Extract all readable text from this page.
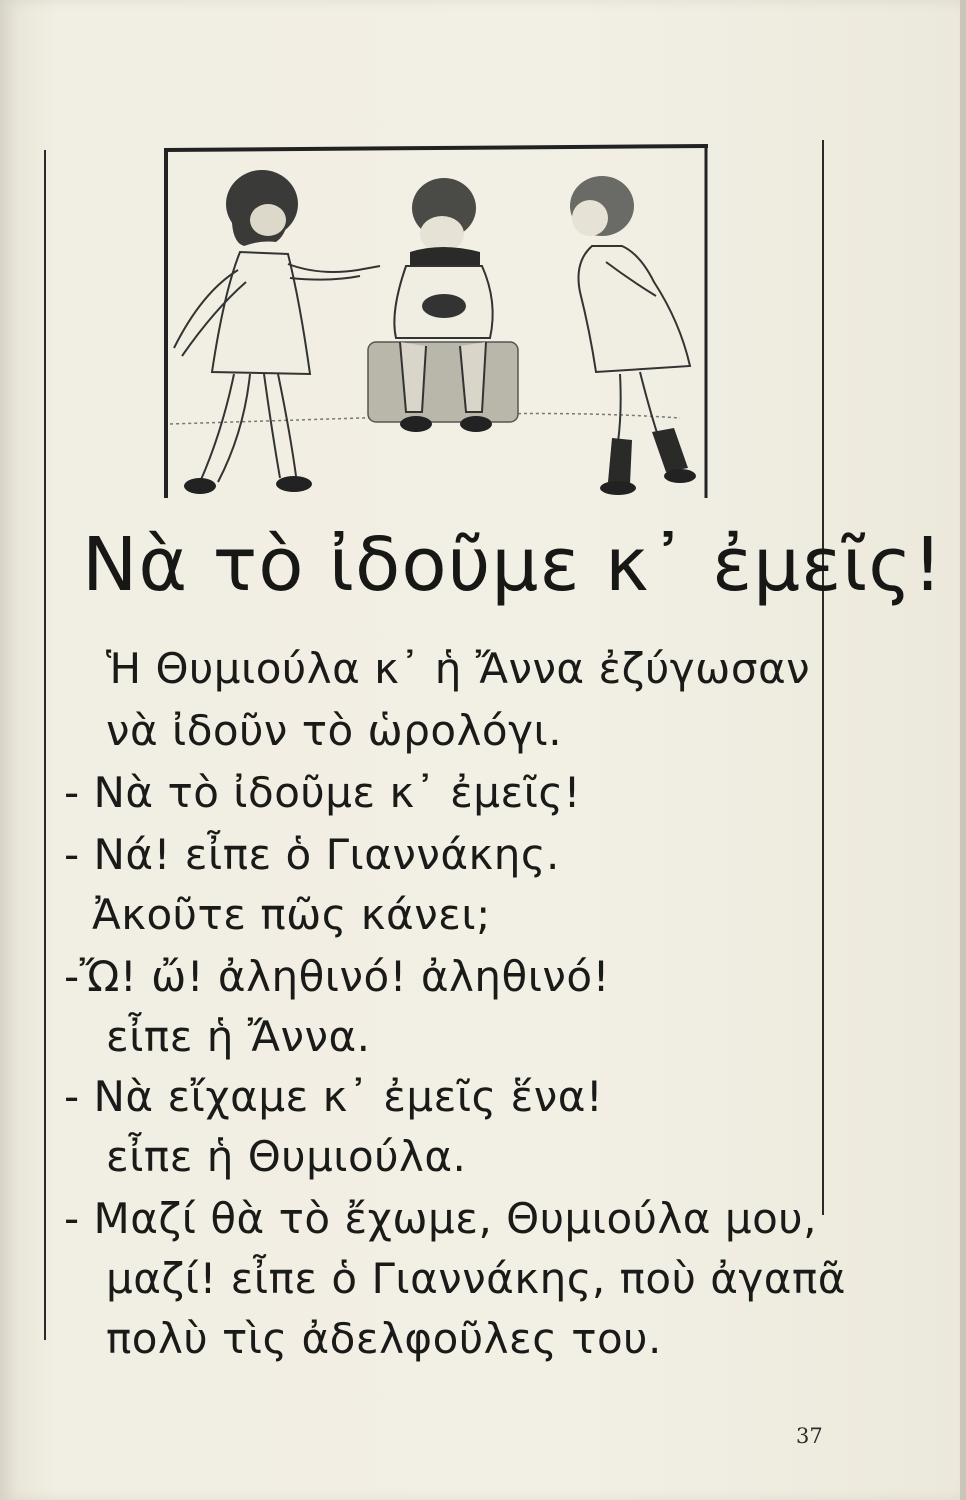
Νὰ τὸ ἰδοῦμε κ᾿ ἐμεῖς!
Ἡ Θυμιούλα κ᾿ ἡ Ἄννα ἐζύγωσαν
νὰ ἰδοῦν τὸ ὡρολόγι.
- Νὰ τὸ ἰδοῦμε κ᾿ ἐμεῖς!
- Νά! εἶπε ὁ Γιαννάκης.
Ἀκοῦτε πῶς κάνει;
-Ὤ! ὤ! ἀληθινό! ἀληθινό!
εἶπε ἡ Ἄννα.
- Νὰ εἴχαμε κ᾿ ἐμεῖς ἕνα!
εἶπε ἡ Θυμιούλα.
- Μαζί θὰ τὸ ἔχωμε, Θυμιούλα μου,
μαζί! εἶπε ὁ Γιαννάκης, ποὺ ἀγαπᾶ
πολὺ τὶς ἀδελφοῦλες του.
37
